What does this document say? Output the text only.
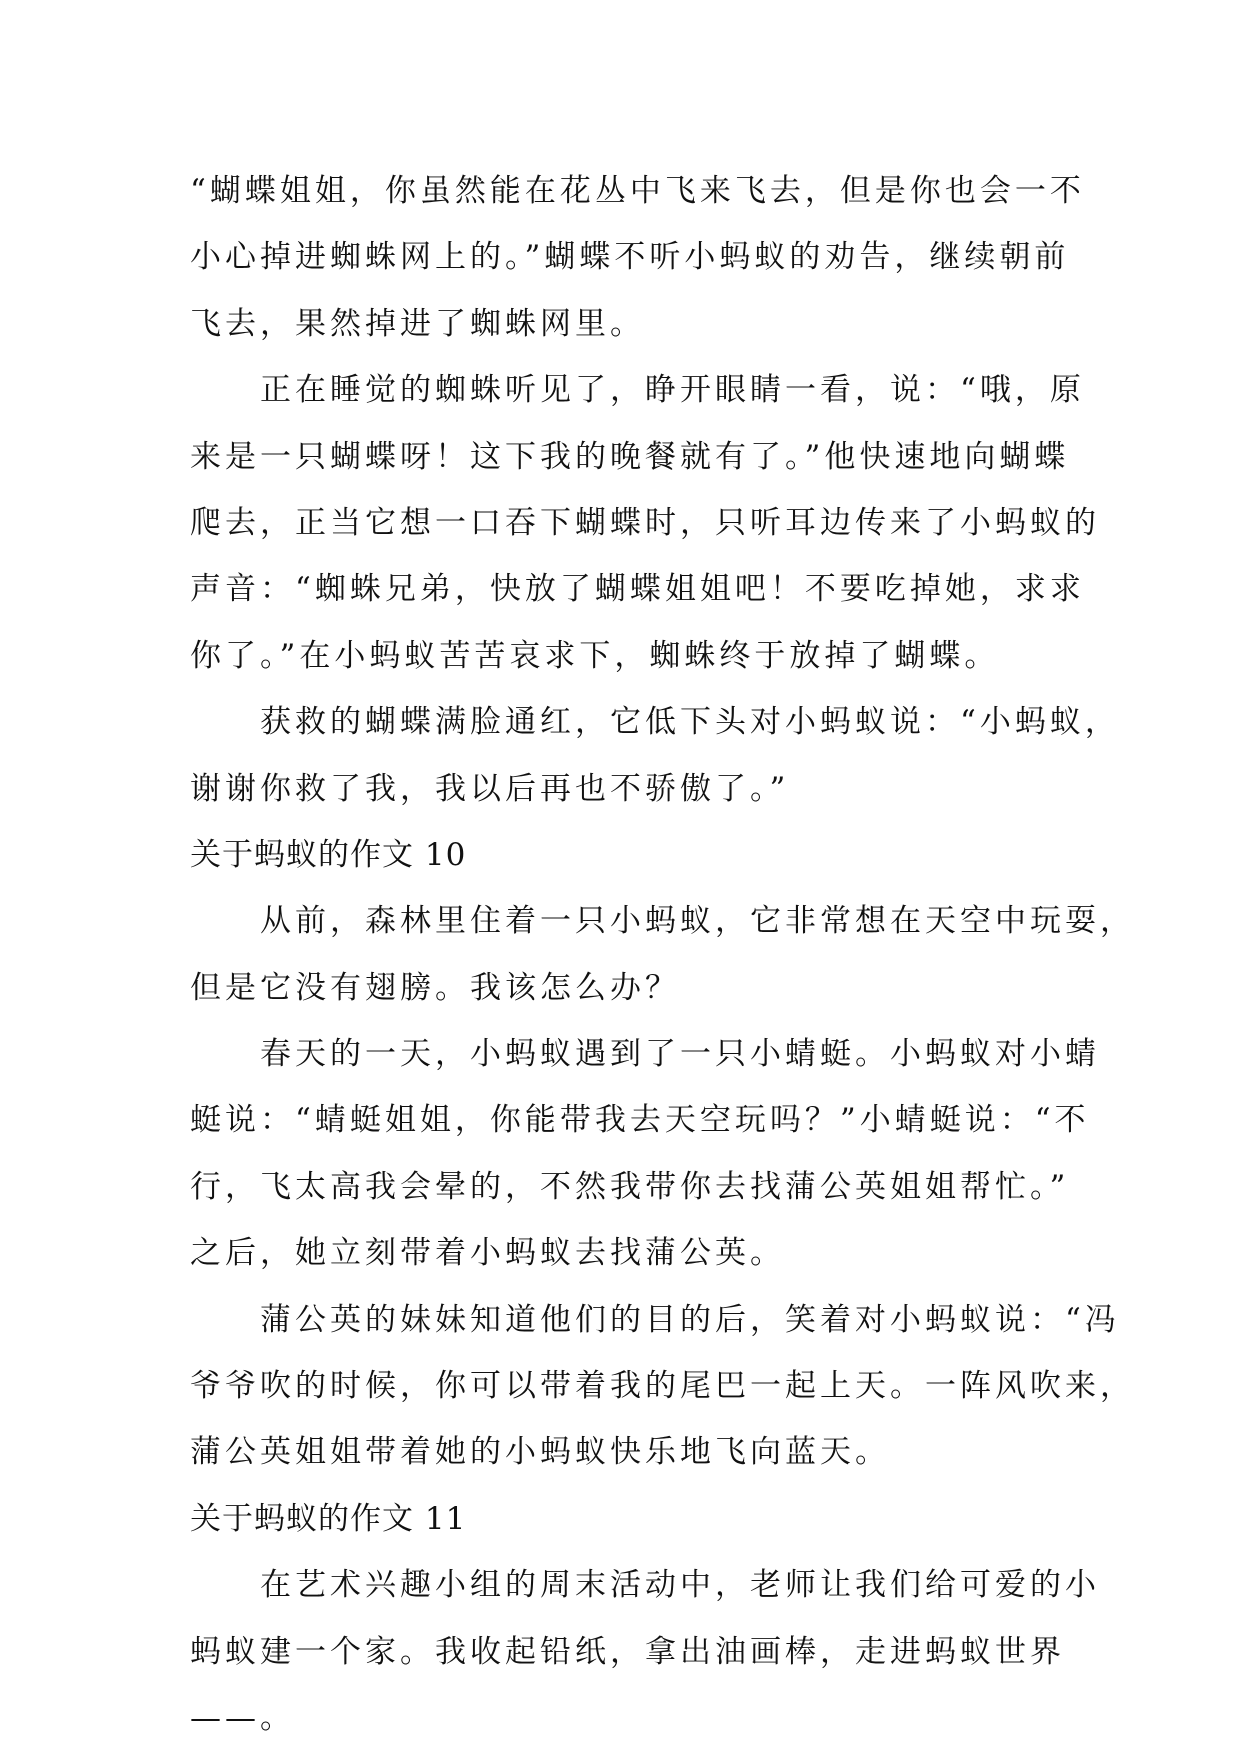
“蝴蝶姐姐，你虽然能在花丛中飞来飞去，但是你也会一不
小心掉进蜘蛛网上的。”蝴蝶不听小蚂蚁的劝告，继续朝前
飞去，果然掉进了蜘蛛网里。
　　正在睡觉的蜘蛛听见了，睁开眼睛一看，说：“哦，原
来是一只蝴蝶呀！这下我的晚餐就有了。”他快速地向蝴蝶
爬去，正当它想一口吞下蝴蝶时，只听耳边传来了小蚂蚁的
声音：“蜘蛛兄弟，快放了蝴蝶姐姐吧！不要吃掉她，求求
你了。”在小蚂蚁苦苦哀求下，蜘蛛终于放掉了蝴蝶。
　　获救的蝴蝶满脸通红，它低下头对小蚂蚁说：“小蚂蚁，
谢谢你救了我，我以后再也不骄傲了。”
关于蚂蚁的作文 10
　　从前，森林里住着一只小蚂蚁，它非常想在天空中玩耍，
但是它没有翅膀。我该怎么办？
　　春天的一天，小蚂蚁遇到了一只小蜻蜓。小蚂蚁对小蜻
蜓说：“蜻蜓姐姐，你能带我去天空玩吗？”小蜻蜓说：“不
行，飞太高我会晕的，不然我带你去找蒲公英姐姐帮忙。”
之后，她立刻带着小蚂蚁去找蒲公英。
　　蒲公英的妹妹知道他们的目的后，笑着对小蚂蚁说：“冯
爷爷吹的时候，你可以带着我的尾巴一起上天。一阵风吹来，
蒲公英姐姐带着她的小蚂蚁快乐地飞向蓝天。
关于蚂蚁的作文 11
　　在艺术兴趣小组的周末活动中，老师让我们给可爱的小
蚂蚁建一个家。我收起铅纸，拿出油画棒，走进蚂蚁世界
——。
